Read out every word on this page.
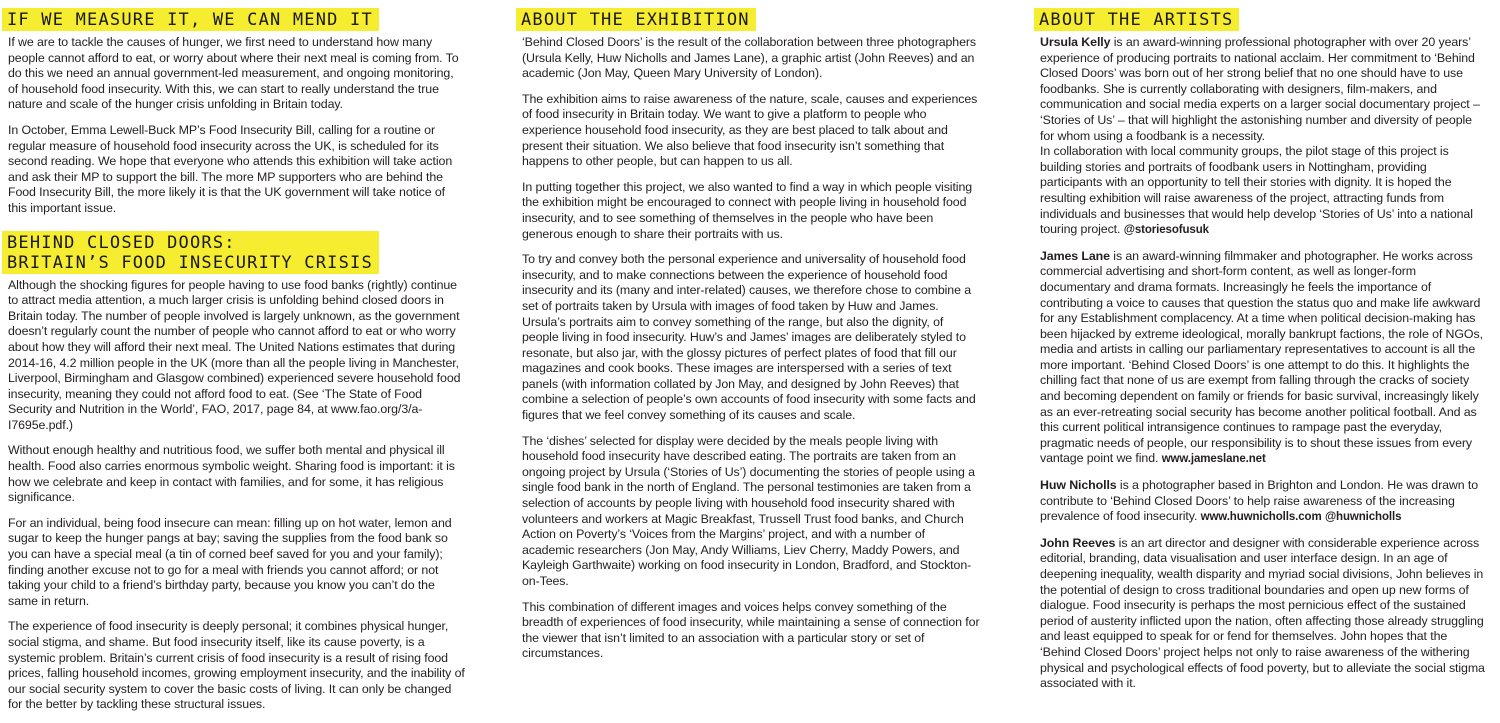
IF WE MEASURE IT, WE CAN MEND IT

If we are to tackle the causes of hunger, we first need to understand how many people cannot afford to eat, or worry about where their next meal is coming from. To do this we need an annual government-led measurement, and ongoing monitoring, of household food insecurity. With this, we can start to really understand the true nature and scale of the hunger crisis unfolding in Britain today.

In October, Emma Lewell-Buck MP’s Food Insecurity Bill, calling for a routine or regular measure of household food insecurity across the UK, is scheduled for its second reading. We hope that everyone who attends this exhibition will take action and ask their MP to support the bill. The more MP supporters who are behind the Food Insecurity Bill, the more likely it is that the UK government will take notice of this important issue.

BEHIND CLOSED DOORS:
BRITAIN’S FOOD INSECURITY CRISIS

Although the shocking figures for people having to use food banks (rightly) continue to attract media attention, a much larger crisis is unfolding behind closed doors in Britain today. The number of people involved is largely unknown, as the government doesn’t regularly count the number of people who cannot afford to eat or who worry about how they will afford their next meal. The United Nations estimates that during 2014-16, 4.2 million people in the UK (more than all the people living in Manchester, Liverpool, Birmingham and Glasgow combined) experienced severe household food insecurity, meaning they could not afford food to eat. (See ‘The State of Food Security and Nutrition in the World’, FAO, 2017, page 84, at www.fao.org/3/a-I7695e.pdf.)

Without enough healthy and nutritious food, we suffer both mental and physical ill health. Food also carries enormous symbolic weight. Sharing food is important: it is how we celebrate and keep in contact with families, and for some, it has religious significance.

For an individual, being food insecure can mean: filling up on hot water, lemon and sugar to keep the hunger pangs at bay; saving the supplies from the food bank so you can have a special meal (a tin of corned beef saved for you and your family); finding another excuse not to go for a meal with friends you cannot afford; or not taking your child to a friend’s birthday party, because you know you can’t do the same in return.

The experience of food insecurity is deeply personal; it combines physical hunger, social stigma, and shame. But food insecurity itself, like its cause poverty, is a systemic problem. Britain’s current crisis of food insecurity is a result of rising food prices, falling household incomes, growing employment insecurity, and the inability of our social security system to cover the basic costs of living. It can only be changed for the better by tackling these structural issues.

ABOUT THE EXHIBITION

‘Behind Closed Doors’ is the result of the collaboration between three photographers (Ursula Kelly, Huw Nicholls and James Lane), a graphic artist (John Reeves) and an academic (Jon May, Queen Mary University of London).

The exhibition aims to raise awareness of the nature, scale, causes and experiences of food insecurity in Britain today. We want to give a platform to people who experience household food insecurity, as they are best placed to talk about and present their situation. We also believe that food insecurity isn’t something that happens to other people, but can happen to us all.

In putting together this project, we also wanted to find a way in which people visiting the exhibition might be encouraged to connect with people living in household food insecurity, and to see something of themselves in the people who have been generous enough to share their portraits with us.

To try and convey both the personal experience and universality of household food insecurity, and to make connections between the experience of household food insecurity and its (many and inter-related) causes, we therefore chose to combine a set of portraits taken by Ursula with images of food taken by Huw and James. Ursula’s portraits aim to convey something of the range, but also the dignity, of people living in food insecurity. Huw’s and James’ images are deliberately styled to resonate, but also jar, with the glossy pictures of perfect plates of food that fill our magazines and cook books. These images are interspersed with a series of text panels (with information collated by Jon May, and designed by John Reeves) that combine a selection of people’s own accounts of food insecurity with some facts and figures that we feel convey something of its causes and scale.

The ‘dishes’ selected for display were decided by the meals people living with household food insecurity have described eating. The portraits are taken from an ongoing project by Ursula (‘Stories of Us’) documenting the stories of people using a single food bank in the north of England. The personal testimonies are taken from a selection of accounts by people living with household food insecurity shared with volunteers and workers at Magic Breakfast, Trussell Trust food banks, and Church Action on Poverty’s ‘Voices from the Margins’ project, and with a number of academic researchers (Jon May, Andy Williams, Liev Cherry, Maddy Powers, and Kayleigh Garthwaite) working on food insecurity in London, Bradford, and Stockton-on-Tees.

This combination of different images and voices helps convey something of the breadth of experiences of food insecurity, while maintaining a sense of connection for the viewer that isn’t limited to an association with a particular story or set of circumstances.

ABOUT THE ARTISTS

Ursula Kelly is an award-winning professional photographer with over 20 years’ experience of producing portraits to national acclaim. Her commitment to ‘Behind Closed Doors’ was born out of her strong belief that no one should have to use foodbanks. She is currently collaborating with designers, film-makers, and communication and social media experts on a larger social documentary project – ‘Stories of Us’ – that will highlight the astonishing number and diversity of people for whom using a foodbank is a necessity.

In collaboration with local community groups, the pilot stage of this project is building stories and portraits of foodbank users in Nottingham, providing participants with an opportunity to tell their stories with dignity. It is hoped the resulting exhibition will raise awareness of the project, attracting funds from individuals and businesses that would help develop ‘Stories of Us’ into a national touring project. @storiesofusuk

James Lane is an award-winning filmmaker and photographer. He works across commercial advertising and short-form content, as well as longer-form documentary and drama formats. Increasingly he feels the importance of contributing a voice to causes that question the status quo and make life awkward for any Establishment complacency. At a time when political decision-making has been hijacked by extreme ideological, morally bankrupt factions, the role of NGOs, media and artists in calling our parliamentary representatives to account is all the more important. ‘Behind Closed Doors’ is one attempt to do this. It highlights the chilling fact that none of us are exempt from falling through the cracks of society and becoming dependent on family or friends for basic survival, increasingly likely as an ever-retreating social security has become another political football. And as this current political intransigence continues to rampage past the everyday, pragmatic needs of people, our responsibility is to shout these issues from every vantage point we find. www.jameslane.net

Huw Nicholls is a photographer based in Brighton and London. He was drawn to contribute to ‘Behind Closed Doors’ to help raise awareness of the increasing prevalence of food insecurity. www.huwnicholls.com @huwnicholls

John Reeves is an art director and designer with considerable experience across editorial, branding, data visualisation and user interface design. In an age of deepening inequality, wealth disparity and myriad social divisions, John believes in the potential of design to cross traditional boundaries and open up new forms of dialogue. Food insecurity is perhaps the most pernicious effect of the sustained period of austerity inflicted upon the nation, often affecting those already struggling and least equipped to speak for or fend for themselves. John hopes that the ‘Behind Closed Doors’ project helps not only to raise awareness of the withering physical and psychological effects of food poverty, but to alleviate the social stigma associated with it.
